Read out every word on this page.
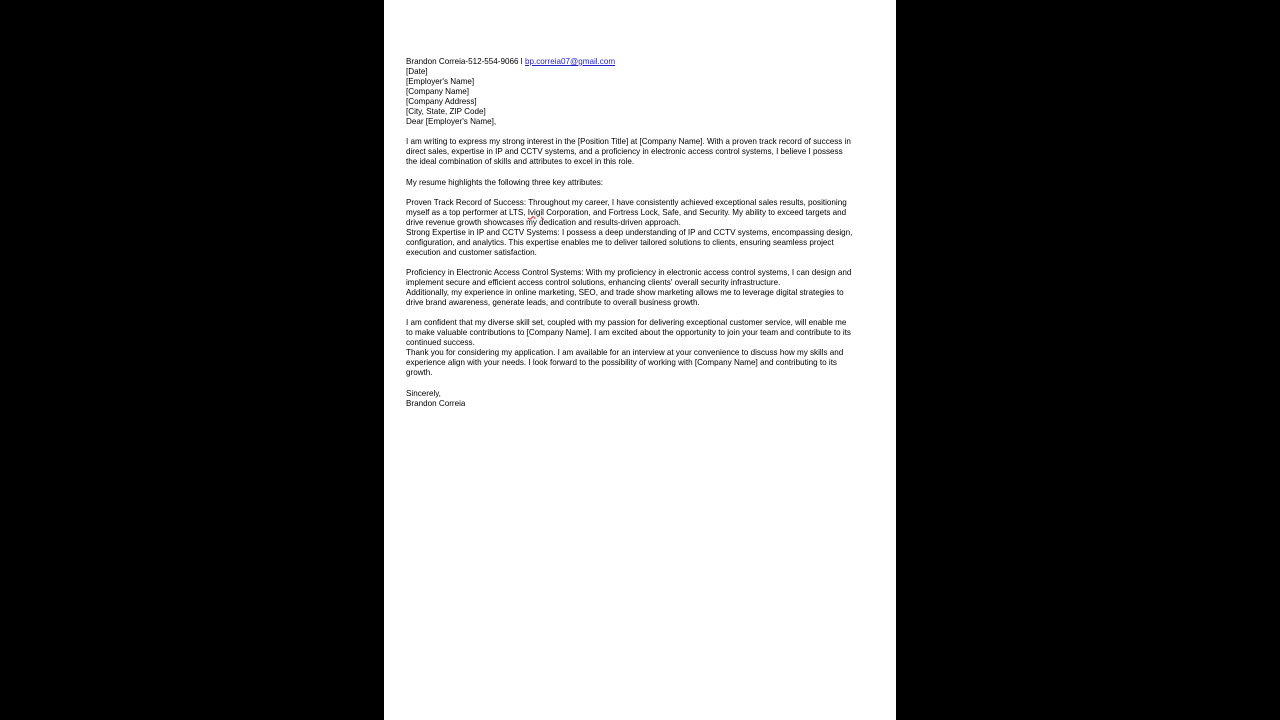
Brandon Correia-512-554-9066 l bp.correia07@gmail.com
[Date]
[Employer's Name]
[Company Name]
[Company Address]
[City, State, ZIP Code]
Dear [Employer's Name],
I am writing to express my strong interest in the [Position Title] at [Company Name]. With a proven track record of success in direct sales, expertise in IP and CCTV systems, and a proficiency in electronic access control systems, I believe I possess the ideal combination of skills and attributes to excel in this role.
My resume highlights the following three key attributes:
Proven Track Record of Success: Throughout my career, I have consistently achieved exceptional sales results, positioning myself as a top performer at LTS, Ivigil Corporation, and Fortress Lock, Safe, and Security. My ability to exceed targets and drive revenue growth showcases my dedication and results-driven approach.
Strong Expertise in IP and CCTV Systems: I possess a deep understanding of IP and CCTV systems, encompassing design, configuration, and analytics. This expertise enables me to deliver tailored solutions to clients, ensuring seamless project execution and customer satisfaction.
Proficiency in Electronic Access Control Systems: With my proficiency in electronic access control systems, I can design and implement secure and efficient access control solutions, enhancing clients' overall security infrastructure.
Additionally, my experience in online marketing, SEO, and trade show marketing allows me to leverage digital strategies to drive brand awareness, generate leads, and contribute to overall business growth.
I am confident that my diverse skill set, coupled with my passion for delivering exceptional customer service, will enable me to make valuable contributions to [Company Name]. I am excited about the opportunity to join your team and contribute to its continued success.
Thank you for considering my application. I am available for an interview at your convenience to discuss how my skills and experience align with your needs. I look forward to the possibility of working with [Company Name] and contributing to its growth.
Sincerely,
Brandon Correia
